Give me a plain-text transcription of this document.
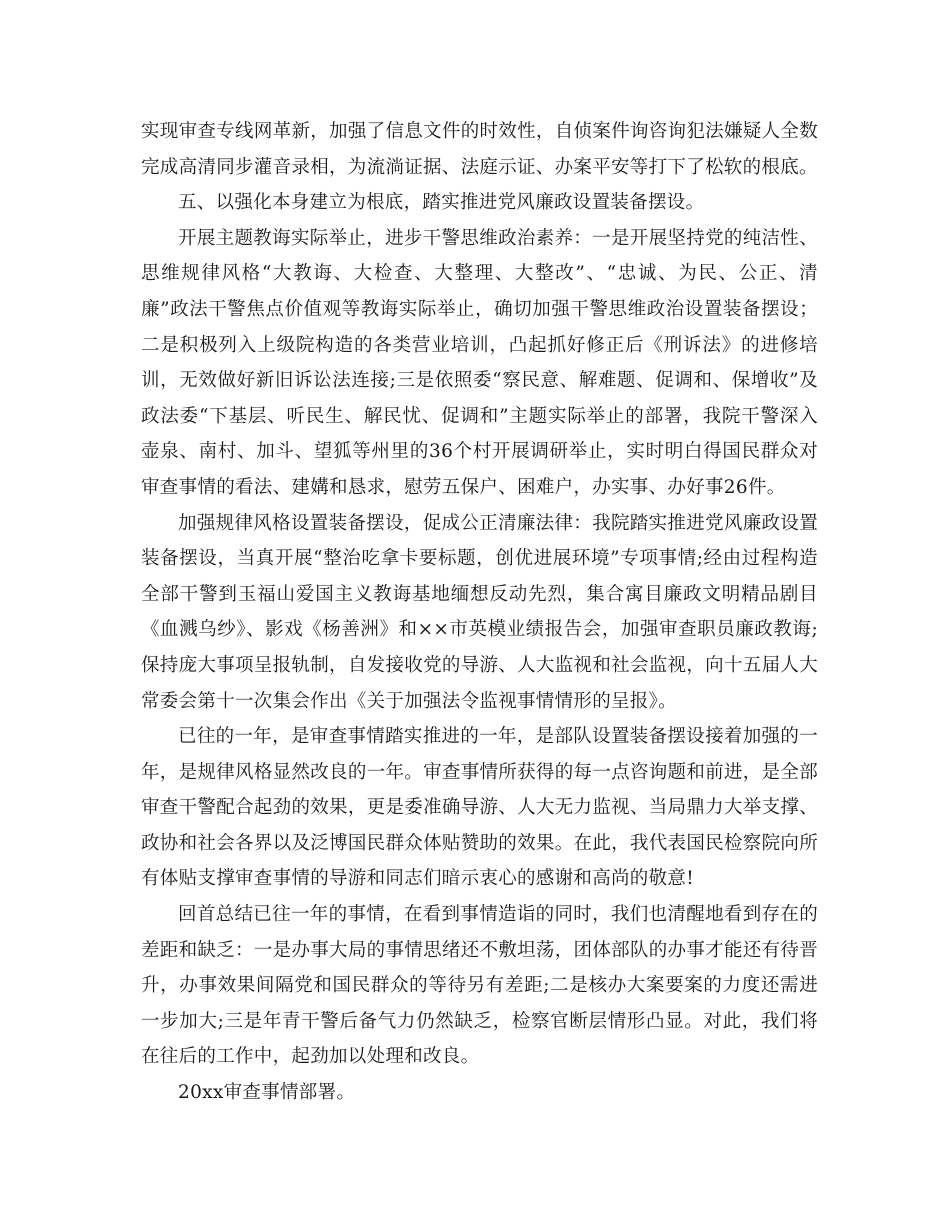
实现审查专线网革新，加强了信息文件的时效性，自侦案件询咨询犯法嫌疑人全数完成高清同步灌音录相，为流淌证据、法庭示证、办案平安等打下了松软的根底。

五、以强化本身建立为根底，踏实推进党风廉政设置装备摆设。

开展主题教诲实际举止，进步干警思维政治素养：一是开展坚持党的纯洁性、思维规律风格“大教诲、大检查、大整理、大整改”、“忠诚、为民、公正、清廉”政法干警焦点价值观等教诲实际举止，确切加强干警思维政治设置装备摆设；二是积极列入上级院构造的各类营业培训，凸起抓好修正后《刑诉法》的进修培训，无效做好新旧诉讼法连接;三是依照委“察民意、解难题、促调和、保增收”及政法委“下基层、听民生、解民忧、促调和”主题实际举止的部署，我院干警深入壶泉、南村、加斗、望狐等州里的36个村开展调研举止，实时明白得国民群众对审查事情的看法、建媾和恳求，慰劳五保户、困难户，办实事、办好事26件。

加强规律风格设置装备摆设，促成公正清廉法律：我院踏实推进党风廉政设置装备摆设，当真开展“整治吃拿卡要标题，创优进展环境”专项事情;经由过程构造全部干警到玉福山爱国主义教诲基地缅想反动先烈，集合寓目廉政文明精品剧目《血溅乌纱》、影戏《杨善洲》和××市英模业绩报告会，加强审查职员廉政教诲;保持庞大事项呈报轨制，自发接收党的导游、人大监视和社会监视，向十五届人大常委会第十一次集会作出《关于加强法令监视事情情形的呈报》。

已往的一年，是审查事情踏实推进的一年，是部队设置装备摆设接着加强的一年，是规律风格显然改良的一年。审查事情所获得的每一点咨询题和前进，是全部审查干警配合起劲的效果，更是委准确导游、人大无力监视、当局鼎力大举支撑、政协和社会各界以及泛博国民群众体贴赞助的效果。在此，我代表国民检察院向所有体贴支撑审查事情的导游和同志们暗示衷心的感谢和高尚的敬意!

回首总结已往一年的事情，在看到事情造诣的同时，我们也清醒地看到存在的差距和缺乏：一是办事大局的事情思绪还不敷坦荡，团体部队的办事才能还有待晋升，办事效果间隔党和国民群众的等待另有差距;二是核办大案要案的力度还需进一步加大;三是年青干警后备气力仍然缺乏，检察官断层情形凸显。对此，我们将在往后的工作中，起劲加以处理和改良。

20xx审查事情部署。
